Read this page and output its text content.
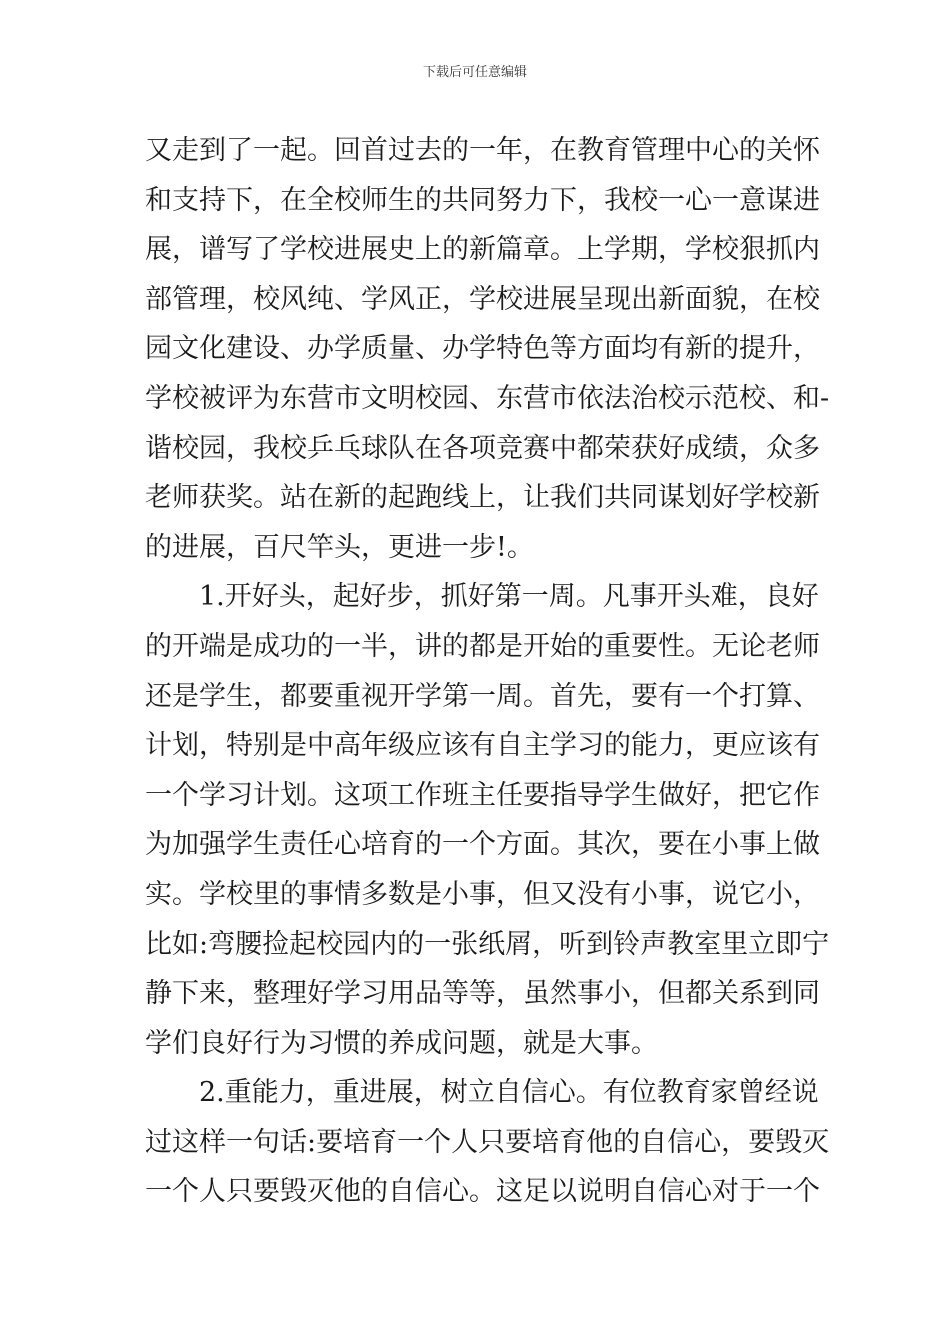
下载后可任意编辑
又走到了一起。回首过去的一年，在教育管理中心的关怀
和支持下，在全校师生的共同努力下，我校一心一意谋进
展，谱写了学校进展史上的新篇章。上学期，学校狠抓内
部管理，校风纯、学风正，学校进展呈现出新面貌，在校
园文化建设、办学质量、办学特色等方面均有新的提升，
学校被评为东营市文明校园、东营市依法治校示范校、和-
谐校园，我校乒乓球队在各项竞赛中都荣获好成绩，众多
老师获奖。站在新的起跑线上，让我们共同谋划好学校新
的进展，百尺竿头，更进一步!。
1.开好头，起好步，抓好第一周。凡事开头难，良好
的开端是成功的一半，讲的都是开始的重要性。无论老师
还是学生，都要重视开学第一周。首先，要有一个打算、
计划，特别是中高年级应该有自主学习的能力，更应该有
一个学习计划。这项工作班主任要指导学生做好，把它作
为加强学生责任心培育的一个方面。其次，要在小事上做
实。学校里的事情多数是小事，但又没有小事，说它小，
比如:弯腰捡起校园内的一张纸屑，听到铃声教室里立即宁
静下来，整理好学习用品等等，虽然事小，但都关系到同
学们良好行为习惯的养成问题，就是大事。
2.重能力，重进展，树立自信心。有位教育家曾经说
过这样一句话:要培育一个人只要培育他的自信心，要毁灭
一个人只要毁灭他的自信心。这足以说明自信心对于一个
